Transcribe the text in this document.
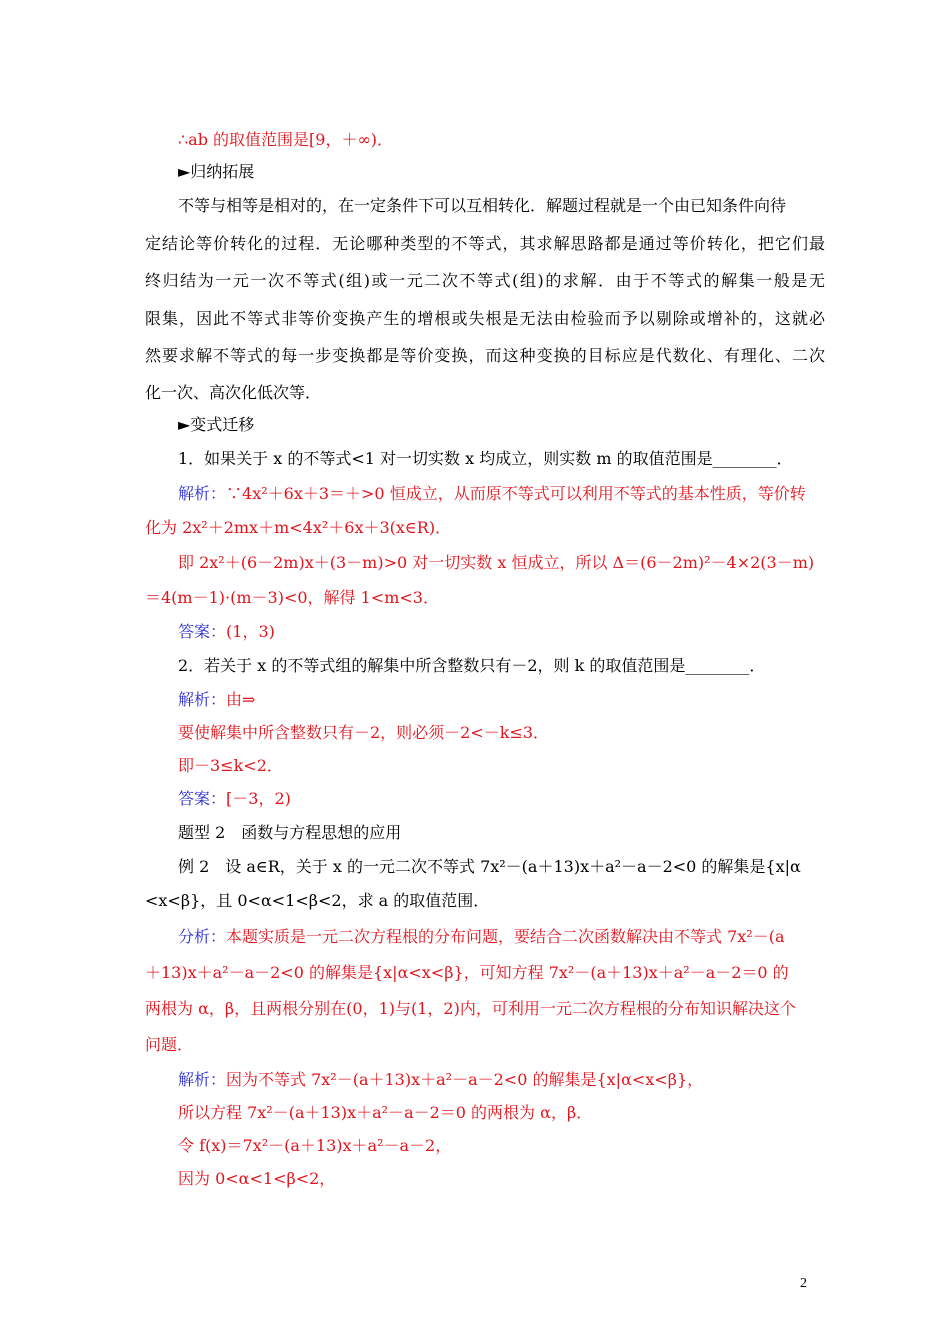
∴ab 的取值范围是[9，＋∞)．
►归纳拓展
不等与相等是相对的，在一定条件下可以互相转化．解题过程就是一个由已知条件向待
定结论等价转化的过程．无论哪种类型的不等式，其求解思路都是通过等价转化，把它们最
终归结为一元一次不等式(组)或一元二次不等式(组)的求解．由于不等式的解集一般是无
限集，因此不等式非等价变换产生的增根或失根是无法由检验而予以剔除或增补的，这就必
然要求解不等式的每一步变换都是等价变换，而这种变换的目标应是代数化、有理化、二次
化一次、高次化低次等．
►变式迁移
1．如果关于 x 的不等式<1 对一切实数 x 均成立，则实数 m 的取值范围是________．
解析：∵4x²＋6x＋3＝＋>0 恒成立，从而原不等式可以利用不等式的基本性质，等价转
化为 2x²＋2mx＋m<4x²＋6x＋3(x∈R)．
即 2x²＋(6－2m)x＋(3－m)>0 对一切实数 x 恒成立，所以 Δ＝(6－2m)²－4×2(3－m)
＝4(m－1)·(m－3)<0，解得 1<m<3．
答案：(1，3)
2．若关于 x 的不等式组的解集中所含整数只有－2，则 k 的取值范围是________．
解析：由⇒
要使解集中所含整数只有－2，则必须－2<－k≤3．
即－3≤k<2．
答案：[－3，2)
题型 2　函数与方程思想的应用
例 2　设 a∈R，关于 x 的一元二次不等式 7x²－(a＋13)x＋a²－a－2<0 的解集是{x|α
<x<β}，且 0<α<1<β<2，求 a 的取值范围．
分析：本题实质是一元二次方程根的分布问题，要结合二次函数解决由不等式 7x²－(a
＋13)x＋a²－a－2<0 的解集是{x|α<x<β}，可知方程 7x²－(a＋13)x＋a²－a－2＝0 的
两根为 α，β，且两根分别在(0，1)与(1，2)内，可利用一元二次方程根的分布知识解决这个
问题．
解析：因为不等式 7x²－(a＋13)x＋a²－a－2<0 的解集是{x|α<x<β}，
所以方程 7x²－(a＋13)x＋a²－a－2＝0 的两根为 α，β．
令 f(x)＝7x²－(a＋13)x＋a²－a－2，
因为 0<α<1<β<2，
2
